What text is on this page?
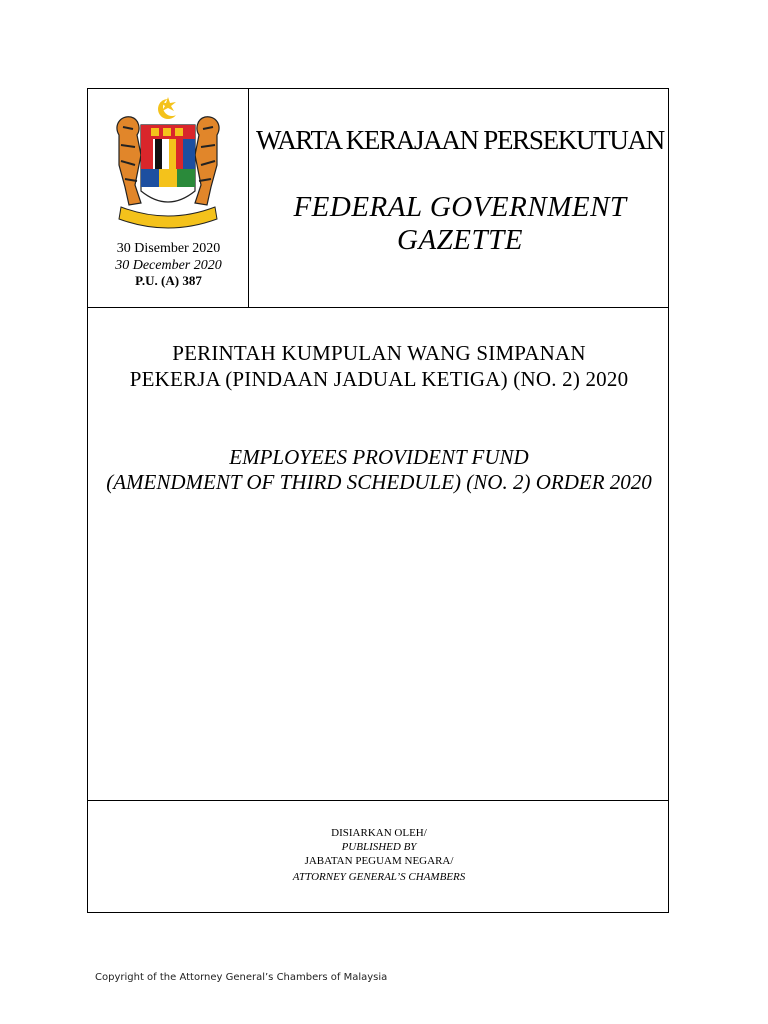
30 Disember 2020
30 December 2020
P.U. (A) 387
WARTA KERAJAAN PERSEKUTUAN
FEDERAL GOVERNMENT
GAZETTE
PERINTAH KUMPULAN WANG SIMPANAN
PEKERJA (PINDAAN JADUAL KETIGA) (NO. 2) 2020
EMPLOYEES PROVIDENT FUND
(AMENDMENT OF THIRD SCHEDULE) (NO. 2) ORDER 2020
DISIARKAN OLEH/
PUBLISHED BY
JABATAN PEGUAM NEGARA/
ATTORNEY GENERAL’S CHAMBERS
Copyright of the Attorney General’s Chambers of Malaysia
